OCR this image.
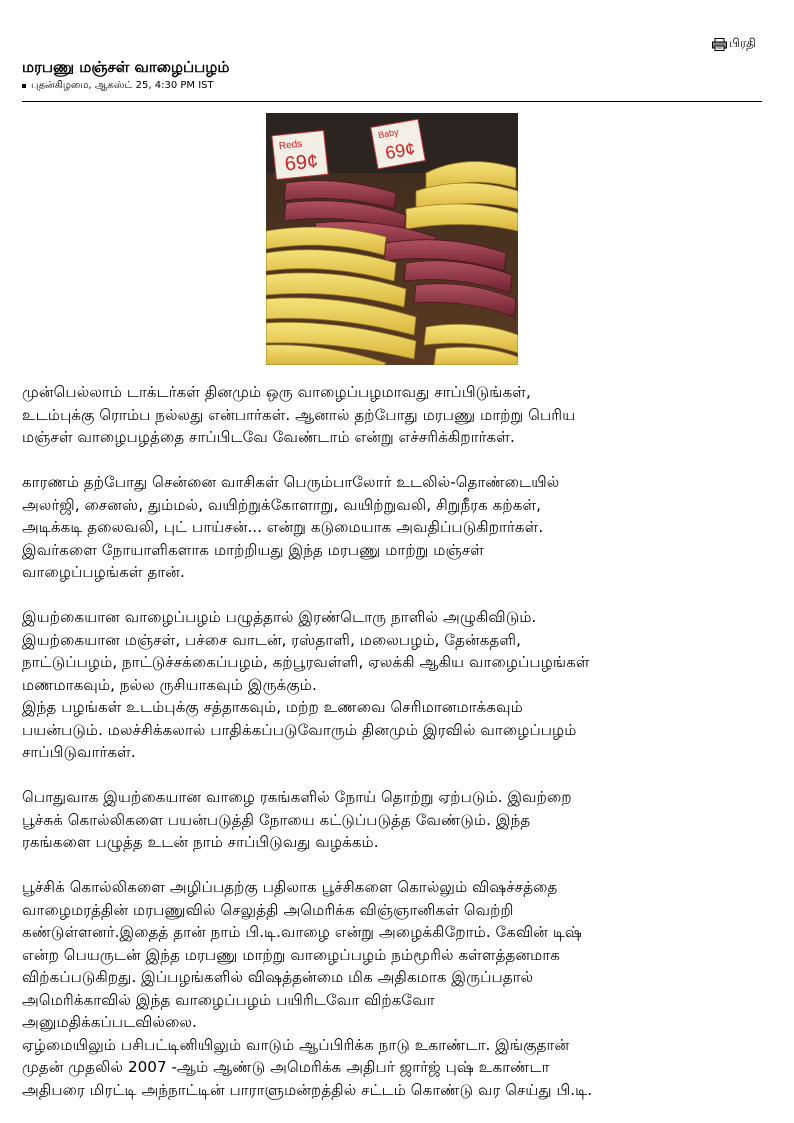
பிரதி
மரபணு மஞ்சள் வாழைப்பழம்
புதன்கிழமை, ஆகஸ்ட் 25, 4:30 PM IST
Reds
69¢
Baby
69¢

முன்பெல்லாம் டாக்டர்கள் தினமும் ஒரு வாழைப்பழமாவது சாப்பிடுங்கள்,
உடம்புக்கு ரொம்ப நல்லது என்பார்கள். ஆனால் தற்போது மரபணு மாற்று பெரிய
மஞ்சள் வாழைபழத்தை சாப்பிடவே வேண்டாம் என்று எச்சரிக்கிறார்கள்.

காரணம் தற்போது சென்னை வாசிகள் பெரும்பாலோர் உடலில்-தொண்டையில்
அலர்ஜி, சைனஸ், தும்மல், வயிற்றுக்கோளாறு, வயிற்றுவலி, சிறுநீரக கற்கள்,
அடிக்கடி தலைவலி, புட் பாய்சன்... என்று கடுமையாக அவதிப்படுகிறார்கள்.
இவர்களை நோயாளிகளாக மாற்றியது இந்த மரபணு மாற்று மஞ்சள்
வாழைப்பழங்கள் தான்.

இயற்கையான வாழைப்பழம் பழுத்தால் இரண்டொரு நாளில் அழுகிவிடும்.
இயற்கையான மஞ்சள், பச்சை வாடன், ரஸ்தாளி, மலைபழம், தேன்கதளி,
நாட்டுப்பழம், நாட்டுச்சக்கைப்பழம், கற்பூரவள்ளி, ஏலக்கி ஆகிய வாழைப்பழங்கள்
மணமாகவும், நல்ல ருசியாகவும் இருக்கும்.
இந்த பழங்கள் உடம்புக்கு சத்தாகவும், மற்ற உணவை செரிமானமாக்கவும்
பயன்படும். மலச்சிக்கலால் பாதிக்கப்படுவோரும் தினமும் இரவில் வாழைப்பழம்
சாப்பிடுவார்கள்.

பொதுவாக இயற்கையான வாழை ரகங்களில் நோய் தொற்று ஏற்படும். இவற்றை
பூச்சுக் கொல்லிகளை பயன்படுத்தி நோயை கட்டுப்படுத்த வேண்டும். இந்த
ரகங்களை பழுத்த உடன் நாம் சாப்பிடுவது வழக்கம்.

பூச்சிக் கொல்லிகளை அழிப்பதற்கு பதிலாக பூச்சிகளை கொல்லும் விஷச்சத்தை
வாழைமரத்தின் மரபணுவில் செலுத்தி அமெரிக்க விஞ்ஞானிகள் வெற்றி
கண்டுள்ளனர்.இதைத் தான் நாம் பி.டி.வாழை என்று அழைக்கிறோம். கேவின் டிஷ்
என்ற பெயருடன் இந்த மரபணு மாற்று வாழைப்பழம் நம்மூரில் கள்ளத்தனமாக
விற்கப்படுகிறது. இப்பழங்களில் விஷத்தன்மை மிக அதிகமாக இருப்பதால்
அமெரிக்காவில் இந்த வாழைப்பழம் பயிரிடவோ விற்கவோ
அனுமதிக்கப்படவில்லை.
ஏழ்மையிலும் பசிபட்டினியிலும் வாடும் ஆப்பிரிக்க நாடு உகாண்டா. இங்குதான்
முதன் முதலில் 2007 -ஆம் ஆண்டு அமெரிக்க அதிபர் ஜார்ஜ் புஷ் உகாண்டா
அதிபரை மிரட்டி அந்நாட்டின் பாராளுமன்றத்தில் சட்டம் கொண்டு வர செய்து பி.டி.
